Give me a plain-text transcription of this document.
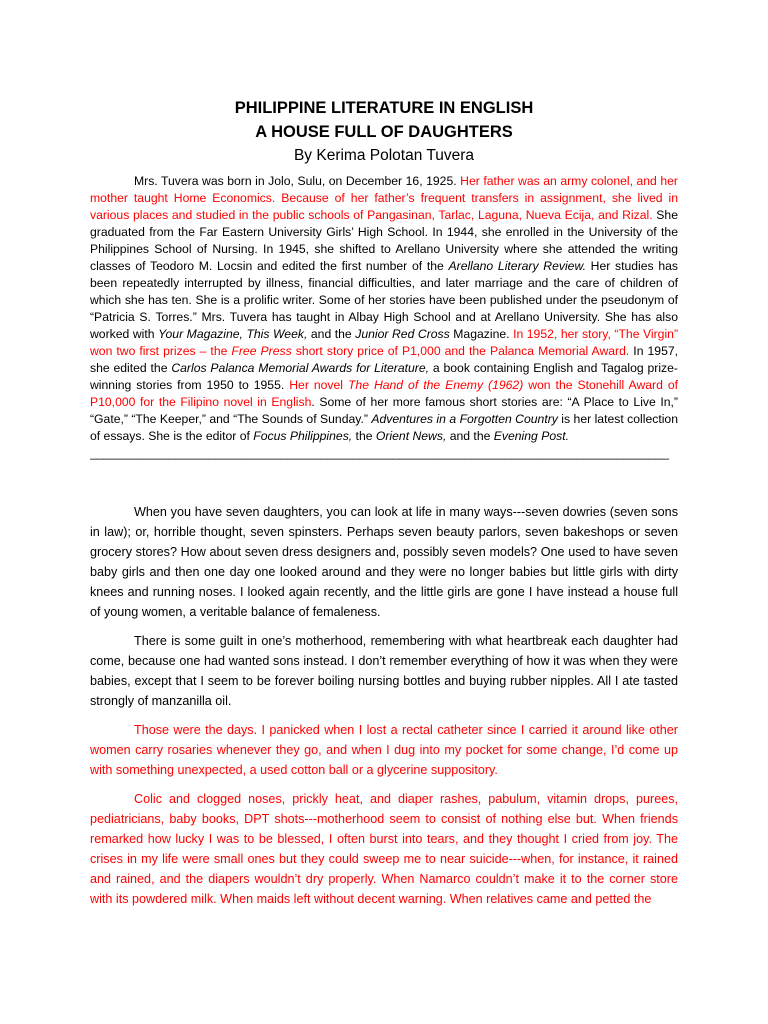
PHILIPPINE LITERATURE IN ENGLISH
A HOUSE FULL OF DAUGHTERS

By Kerima Polotan Tuvera

Mrs. Tuvera was born in Jolo, Sulu, on December 16, 1925. Her father was an army colonel, and her mother taught Home Economics. Because of her father’s frequent transfers in assignment, she lived in various places and studied in the public schools of Pangasinan, Tarlac, Laguna, Nueva Ecija, and Rizal. She graduated from the Far Eastern University Girls’ High School. In 1944, she enrolled in the University of the Philippines School of Nursing. In 1945, she shifted to Arellano University where she attended the writing classes of Teodoro M. Locsin and edited the first number of the Arellano Literary Review. Her studies has been repeatedly interrupted by illness, financial difficulties, and later marriage and the care of children of which she has ten. She is a prolific writer. Some of her stories have been published under the pseudonym of “Patricia S. Torres.” Mrs. Tuvera has taught in Albay High School and at Arellano University. She has also worked with Your Magazine, This Week, and the Junior Red Cross Magazine. In 1952, her story, “The Virgin” won two first prizes – the Free Press short story price of P1,000 and the Palanca Memorial Award. In 1957, she edited the Carlos Palanca Memorial Awards for Literature, a book containing English and Tagalog prize-winning stories from 1950 to 1955. Her novel The Hand of the Enemy (1962) won the Stonehill Award of P10,000 for the Filipino novel in English. Some of her more famous short stories are: “A Place to Live In,” “Gate,” “The Keeper,” and “The Sounds of Sunday.” Adventures in a Forgotten Country is her latest collection of essays. She is the editor of Focus Philippines, the Orient News, and the Evening Post.

________________________________________________________________________________________

When you have seven daughters, you can look at life in many ways---seven dowries (seven sons in law); or, horrible thought, seven spinsters. Perhaps seven beauty parlors, seven bakeshops or seven grocery stores? How about seven dress designers and, possibly seven models? One used to have seven baby girls and then one day one looked around and they were no longer babies but little girls with dirty knees and running noses. I looked again recently, and the little girls are gone I have instead a house full of young women, a veritable balance of femaleness.

There is some guilt in one’s motherhood, remembering with what heartbreak each daughter had come, because one had wanted sons instead. I don’t remember everything of how it was when they were babies, except that I seem to be forever boiling nursing bottles and buying rubber nipples. All I ate tasted strongly of manzanilla oil.

Those were the days. I panicked when I lost a rectal catheter since I carried it around like other women carry rosaries whenever they go, and when I dug into my pocket for some change, I’d come up with something unexpected, a used cotton ball or a glycerine suppository.

Colic and clogged noses, prickly heat, and diaper rashes, pabulum, vitamin drops, purees, pediatricians, baby books, DPT shots---motherhood seem to consist of nothing else but. When friends remarked how lucky I was to be blessed, I often burst into tears, and they thought I cried from joy. The crises in my life were small ones but they could sweep me to near suicide---when, for instance, it rained and rained, and the diapers wouldn’t dry properly. When Namarco couldn’t make it to the corner store with its powdered milk. When maids left without decent warning. When relatives came and petted the
